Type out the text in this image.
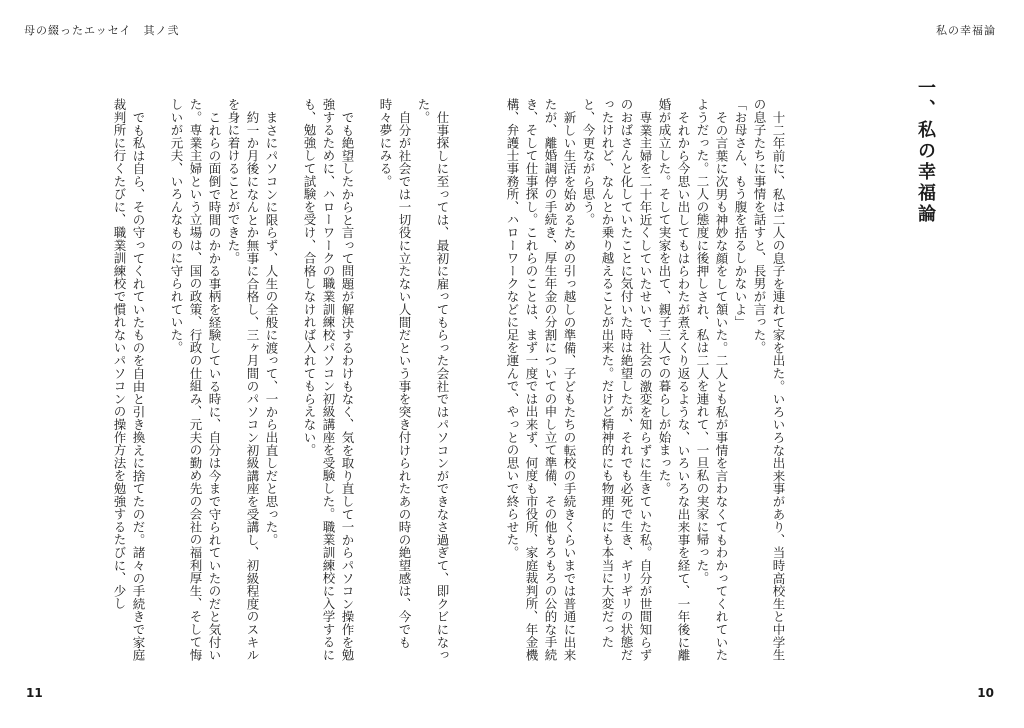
母の綴ったエッセイ　其ノ弐	私の幸福論
一、私の幸福論

十二年前に、私は二人の息子を連れて家を出た。いろいろな出来事があり、当時高校生と中学生の息子たちに事情を話すと、長男が言った。

「お母さん、もう腹を括るしかないよ」

その言葉に次男も神妙な顔をして頷いた。二人とも私が事情を言わなくてもわかってくれていたようだった。二人の態度に後押しされ、私は二人を連れて、一旦私の実家に帰った。

それから今思い出してもはらわたが煮えくり返るような、いろいろな出来事を経て、一年後に離婚が成立した。そして実家を出て、親子三人での暮らしが始まった。

専業主婦を二十年近くしていたせいで、社会の激変を知らずに生きていた私。自分が世間知らずのおばさんと化していたことに気付いた時は絶望したが、それでも必死で生き、ギリギリの状態だったけれど、なんとか乗り越えることが出来た。だけど精神的にも物理的にも本当に大変だったと、今更ながら思う。

新しい生活を始めるための引っ越しの準備、子どもたちの転校の手続きくらいまでは普通に出来たが、離婚調停の手続き、厚生年金の分割についての申し立て準備、その他もろもろの公的な手続き、そして仕事探し。これらのことは、まず一度では出来ず、何度も市役所、家庭裁判所、年金機構、弁護士事務所、ハローワークなどに足を運んで、やっとの思いで終らせた。

仕事探しに至っては、最初に雇ってもらった会社ではパソコンができなさ過ぎて、即クビになった。

自分が社会では一切役に立たない人間だという事を突き付けられたあの時の絶望感は、今でも時々夢にみる。

でも絶望したからと言って問題が解決するわけもなく、気を取り直して一からパソコン操作を勉強するために、ハローワークの職業訓練校パソコン初級講座を受験した。職業訓練校に入学するにも、勉強して試験を受け、合格しなければ入れてもらえない。

まさにパソコンに限らず、人生の全般に渡って、一から出直しだと思った。

約一か月後になんとか無事に合格し、三ヶ月間のパソコン初級講座を受講し、初級程度のスキルを身に着けることができた。

これらの面倒で時間のかかる事柄を経験している時に、自分は今まで守られていたのだと気付いた。専業主婦という立場は、国の政策、行政の仕組み、元夫の勤め先の会社の福利厚生、そして悔しいが元夫、いろんなものに守られていた。

でも私は自ら、その守ってくれていたものを自由と引き換えに捨てたのだ。諸々の手続きで家庭裁判所に行くたびに、職業訓練校で慣れないパソコンの操作方法を勉強するたびに、少し

11	10
